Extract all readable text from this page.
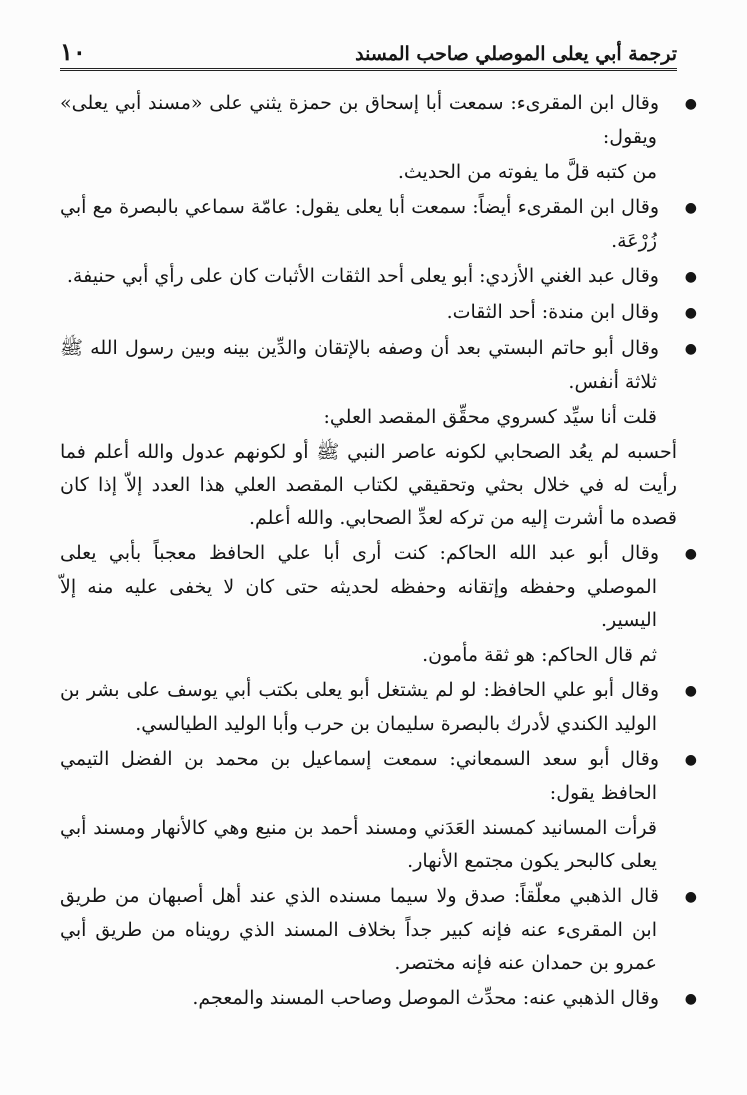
ترجمة أبي يعلى الموصلي صاحب المسند
١٠

●وقال ابن المقرىء: سمعت أبا إسحاق بن حمزة يثني على «مسند أبي يعلى» ويقول:

من كتبه قلَّ ما يفوته من الحديث.

●وقال ابن المقرىء أيضاً: سمعت أبا يعلى يقول: عامّة سماعي بالبصرة مع أبي زُرْعَة.

●وقال عبد الغني الأزدي: أبو يعلى أحد الثقات الأثبات كان على رأي أبي حنيفة.

●وقال ابن مندة: أحد الثقات.

●وقال أبو حاتم البستي بعد أن وصفه بالإتقان والدِّين بينه وبين رسول الله ﷺ ثلاثة أنفس.

قلت أنا سيِّد كسروي محقِّق المقصد العلي:

أحسبه لم يعُد الصحابي لكونه عاصر النبي ﷺ أو لكونهم عدول والله أعلم فما رأيت له في خلال بحثي وتحقيقي لكتاب المقصد العلي هذا العدد إلاّ إذا كان قصده ما أشرت إليه من تركه لعدِّ الصحابي. والله أعلم.

●وقال أبو عبد الله الحاكم: كنت أرى أبا علي الحافظ معجباً بأبي يعلى الموصلي وحفظه وإتقانه وحفظه لحديثه حتى كان لا يخفى عليه منه إلاّ اليسير.

ثم قال الحاكم: هو ثقة مأمون.

●وقال أبو علي الحافظ: لو لم يشتغل أبو يعلى بكتب أبي يوسف على بشر بن الوليد الكندي لأدرك بالبصرة سليمان بن حرب وأبا الوليد الطيالسي.

●وقال أبو سعد السمعاني: سمعت إسماعيل بن محمد بن الفضل التيمي الحافظ يقول:

قرأت المسانيد كمسند العَدَني ومسند أحمد بن منيع وهي كالأنهار ومسند أبي يعلى كالبحر يكون مجتمع الأنهار.

●قال الذهبي معلّقاً: صدق ولا سيما مسنده الذي عند أهل أصبهان من طريق ابن المقرىء عنه فإنه كبير جداً بخلاف المسند الذي رويناه من طريق أبي عمرو بن حمدان عنه فإنه مختصر.

●وقال الذهبي عنه: محدِّث الموصل وصاحب المسند والمعجم.
